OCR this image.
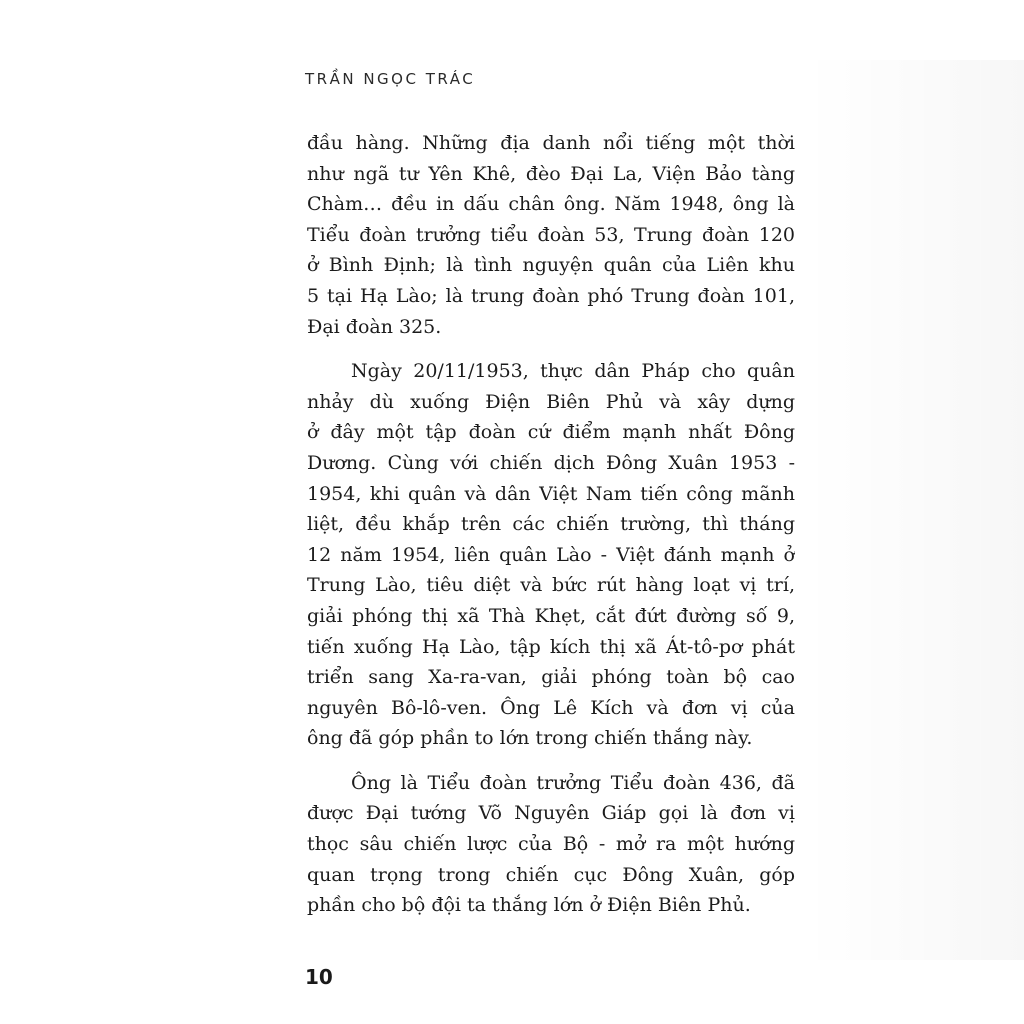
TRẦN NGỌC TRÁC
đầu hàng. Những địa danh nổi tiếng một thời
như ngã tư Yên Khê, đèo Đại La, Viện Bảo tàng
Chàm… đều in dấu chân ông. Năm 1948, ông là
Tiểu đoàn trưởng tiểu đoàn 53, Trung đoàn 120
ở Bình Định; là tình nguyện quân của Liên khu
5 tại Hạ Lào; là trung đoàn phó Trung đoàn 101,
Đại đoàn 325.
Ngày 20/11/1953, thực dân Pháp cho quân
nhảy dù xuống Điện Biên Phủ và xây dựng
ở đây một tập đoàn cứ điểm mạnh nhất Đông
Dương. Cùng với chiến dịch Đông Xuân 1953 -
1954, khi quân và dân Việt Nam tiến công mãnh
liệt, đều khắp trên các chiến trường, thì tháng
12 năm 1954, liên quân Lào - Việt đánh mạnh ở
Trung Lào, tiêu diệt và bức rút hàng loạt vị trí,
giải phóng thị xã Thà Khẹt, cắt đứt đường số 9,
tiến xuống Hạ Lào, tập kích thị xã Át-tô-pơ phát
triển sang Xa-ra-van, giải phóng toàn bộ cao
nguyên Bô-lô-ven. Ông Lê Kích và đơn vị của
ông đã góp phần to lớn trong chiến thắng này.
Ông là Tiểu đoàn trưởng Tiểu đoàn 436, đã
được Đại tướng Võ Nguyên Giáp gọi là đơn vị
thọc sâu chiến lược của Bộ - mở ra một hướng
quan trọng trong chiến cục Đông Xuân, góp
phần cho bộ đội ta thắng lớn ở Điện Biên Phủ.
10
